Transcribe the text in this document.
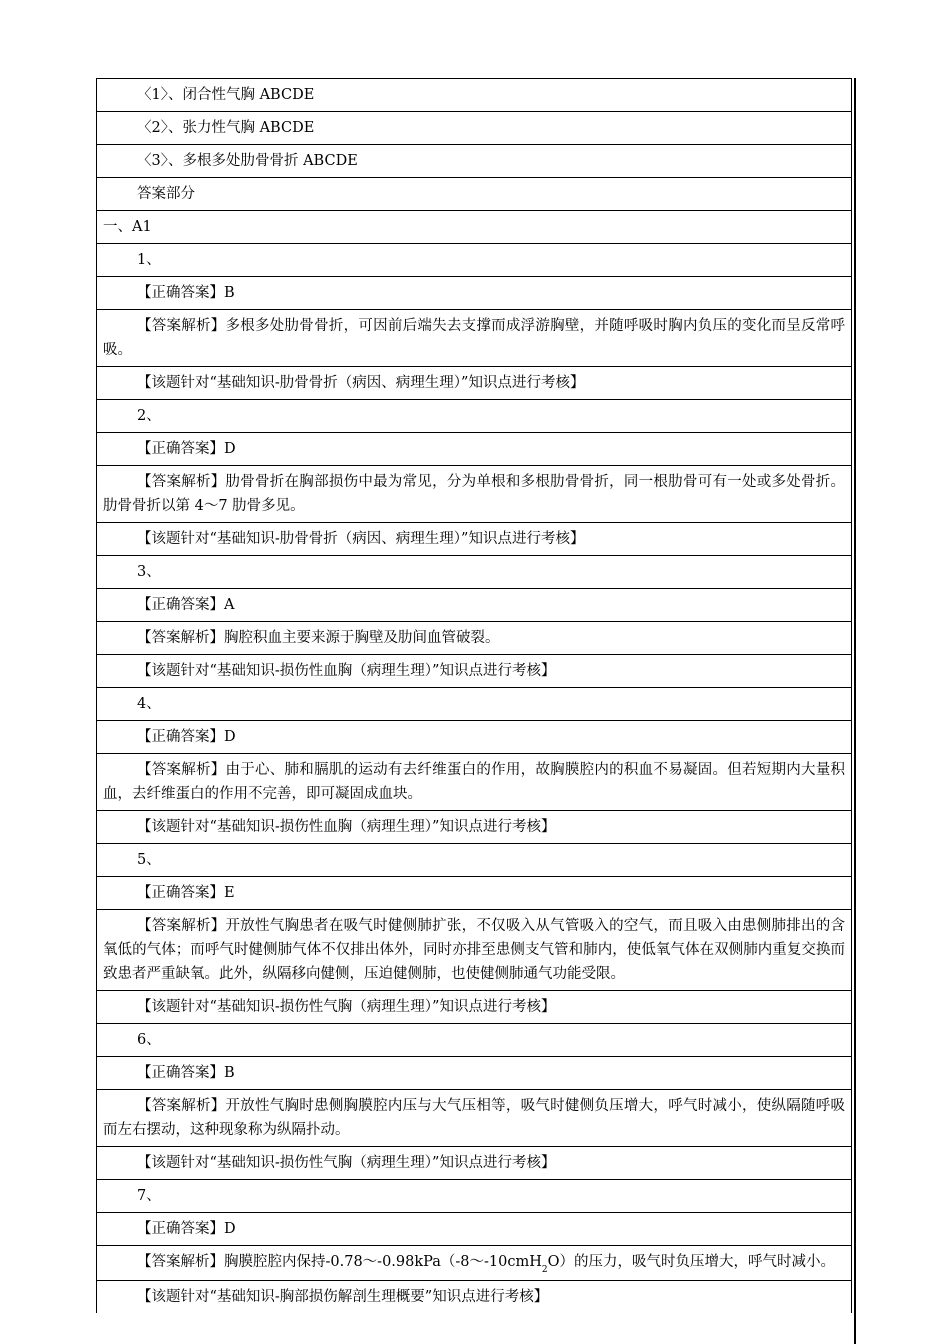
〈1〉、闭合性气胸 ABCDE
〈2〉、张力性气胸 ABCDE
〈3〉、多根多处肋骨骨折 ABCDE
答案部分
一、A1
1、
【正确答案】B
【答案解析】多根多处肋骨骨折，可因前后端失去支撑而成浮游胸壁，并随呼吸时胸内负压的变化而呈反常呼吸。
【该题针对“基础知识-肋骨骨折（病因、病理生理）”知识点进行考核】
2、
【正确答案】D
【答案解析】肋骨骨折在胸部损伤中最为常见，分为单根和多根肋骨骨折，同一根肋骨可有一处或多处骨折。肋骨骨折以第 4～7 肋骨多见。
【该题针对“基础知识-肋骨骨折（病因、病理生理）”知识点进行考核】
3、
【正确答案】A
【答案解析】胸腔积血主要来源于胸壁及肋间血管破裂。
【该题针对“基础知识-损伤性血胸（病理生理）”知识点进行考核】
4、
【正确答案】D
【答案解析】由于心、肺和膈肌的运动有去纤维蛋白的作用，故胸膜腔内的积血不易凝固。但若短期内大量积血，去纤维蛋白的作用不完善，即可凝固成血块。
【该题针对“基础知识-损伤性血胸（病理生理）”知识点进行考核】
5、
【正确答案】E
【答案解析】开放性气胸患者在吸气时健侧肺扩张，不仅吸入从气管吸入的空气，而且吸入由患侧肺排出的含氧低的气体；而呼气时健侧肺气体不仅排出体外，同时亦排至患侧支气管和肺内，使低氧气体在双侧肺内重复交换而致患者严重缺氧。此外，纵隔移向健侧，压迫健侧肺，也使健侧肺通气功能受限。
【该题针对“基础知识-损伤性气胸（病理生理）”知识点进行考核】
6、
【正确答案】B
【答案解析】开放性气胸时患侧胸膜腔内压与大气压相等，吸气时健侧负压增大，呼气时减小，使纵隔随呼吸而左右摆动，这种现象称为纵隔扑动。
【该题针对“基础知识-损伤性气胸（病理生理）”知识点进行考核】
7、
【正确答案】D
【答案解析】胸膜腔腔内保持-0.78～-0.98kPa（-8～-10cmH$_2$O）的压力，吸气时负压增大，呼气时减小。
【该题针对“基础知识-胸部损伤解剖生理概要”知识点进行考核】
